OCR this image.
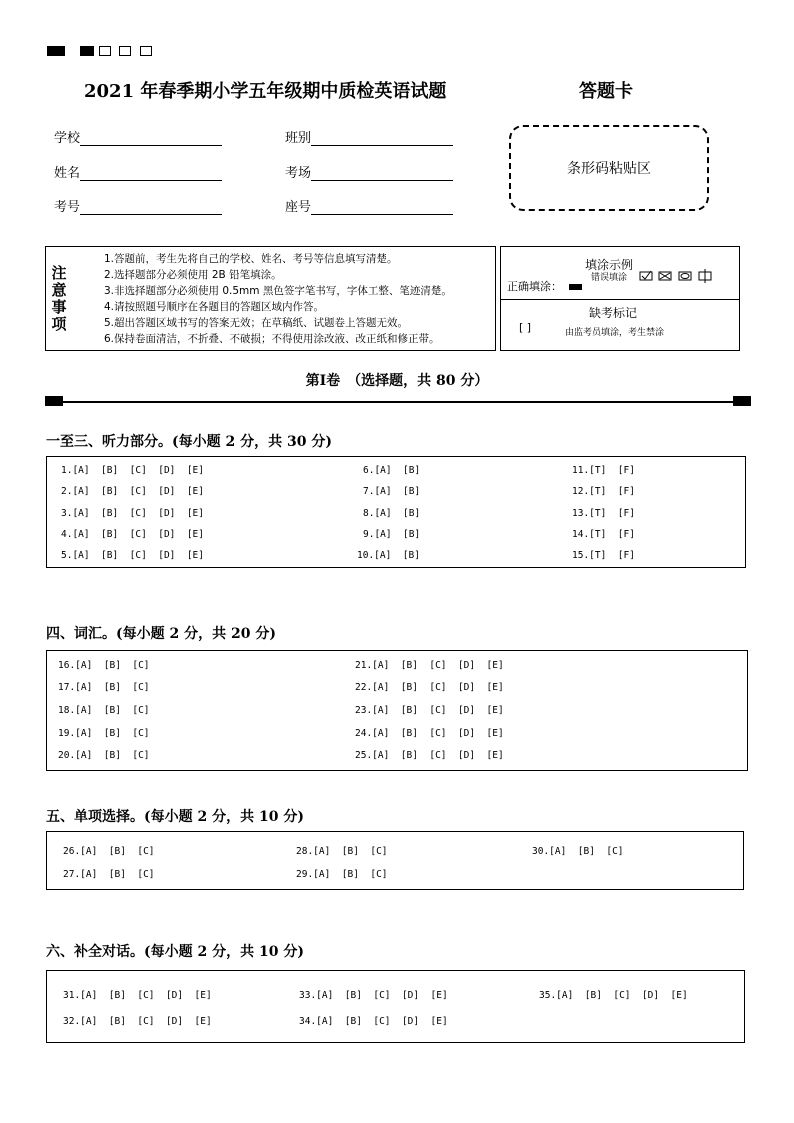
2021 年春季期小学五年级期中质检英语试题	答题卡
学校	班别
姓名	考场
考号	座号
条形码粘贴区
注意事项
1.答题前，考生先将自己的学校、姓名、考号等信息填写清楚。
2.选择题部分必须使用 2B 铅笔填涂。
3.非选择题部分必须使用 0.5mm 黑色签字笔书写，字体工整、笔迹清楚。
4.请按照题号顺序在各题目的答题区域内作答。
5.超出答题区域书写的答案无效；在草稿纸、试题卷上答题无效。
6.保持卷面清洁，不折叠、不破损；不得使用涂改液、改正纸和修正带。
填涂示例
正确填涂：
错误填涂
缺考标记
[ ]	由监考员填涂，考生禁涂
第Ⅰ卷　（选择题，共 80 分）
一至三、听力部分。(每小题 2 分，共 30 分)
1.[A]  [B]  [C]  [D]  [E]	6.[A]  [B]	11.[T]  [F]
2.[A]  [B]  [C]  [D]  [E]	7.[A]  [B]	12.[T]  [F]
3.[A]  [B]  [C]  [D]  [E]	8.[A]  [B]	13.[T]  [F]
4.[A]  [B]  [C]  [D]  [E]	9.[A]  [B]	14.[T]  [F]
5.[A]  [B]  [C]  [D]  [E]	10.[A]  [B]	15.[T]  [F]
四、词汇。(每小题 2 分，共 20 分)
16.[A]  [B]  [C]	21.[A]  [B]  [C]  [D]  [E]
17.[A]  [B]  [C]	22.[A]  [B]  [C]  [D]  [E]
18.[A]  [B]  [C]	23.[A]  [B]  [C]  [D]  [E]
19.[A]  [B]  [C]	24.[A]  [B]  [C]  [D]  [E]
20.[A]  [B]  [C]	25.[A]  [B]  [C]  [D]  [E]
五、单项选择。(每小题 2 分，共 10 分)
26.[A]  [B]  [C]	28.[A]  [B]  [C]	30.[A]  [B]  [C]
27.[A]  [B]  [C]	29.[A]  [B]  [C]
六、补全对话。(每小题 2 分，共 10 分)
31.[A]  [B]  [C]  [D]  [E]	33.[A]  [B]  [C]  [D]  [E]	35.[A]  [B]  [C]  [D]  [E]
32.[A]  [B]  [C]  [D]  [E]	34.[A]  [B]  [C]  [D]  [E]
